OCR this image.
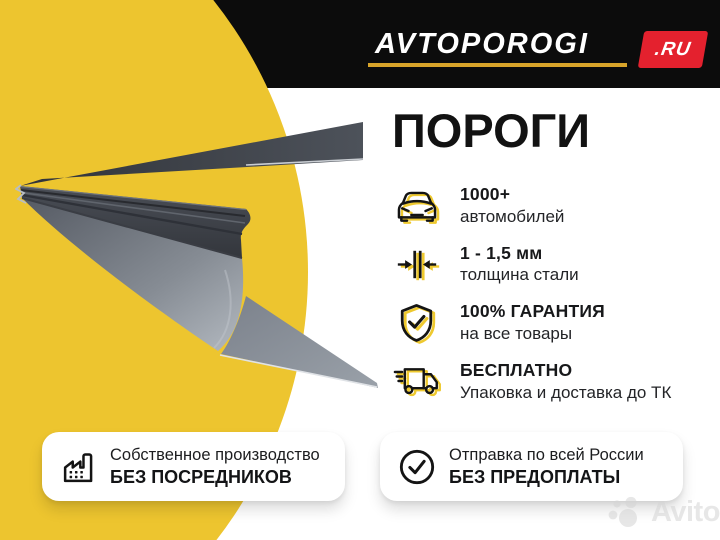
AVTOPOROGI	.RU
ПОРОГИ
1000+
автомобилей
1 - 1,5 мм
толщина стали
100% ГАРАНТИЯ
на все товары
БЕСПЛАТНО
Упаковка и доставка до ТК
Собственное производство
БЕЗ ПОСРЕДНИКОВ
Отправка по всей России
БЕЗ ПРЕДОПЛАТЫ
Avito
